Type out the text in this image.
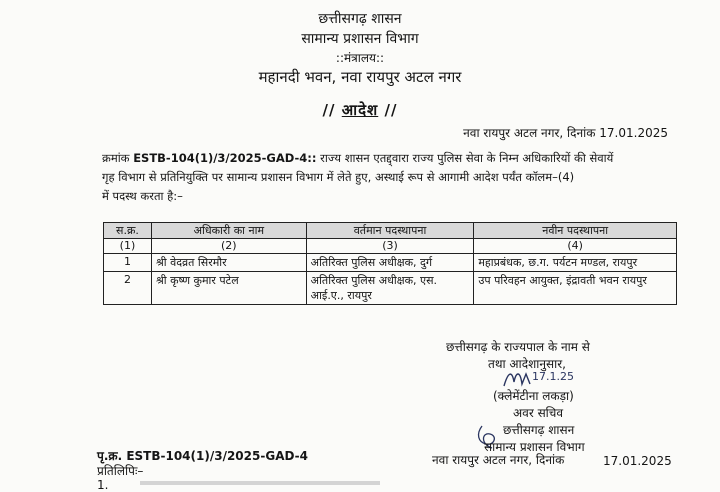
छत्तीसगढ़ शासन
सामान्य प्रशासन विभाग
::मंत्रालय::
महानदी भवन, नवा रायपुर अटल नगर
// आदेश //
नवा रायपुर अटल नगर, दिनांक 17.01.2025
क्रमांक ESTB-104(1)/3/2025-GAD-4:: राज्य शासन एतद्द्वारा राज्य पुलिस सेवा के निम्न अधिकारियों की सेवायें
गृह विभाग से प्रतिनियुक्ति पर सामान्य प्रशासन विभाग में लेते हुए, अस्थाई रूप से आगामी आदेश पर्यंत कॉलम–(4)
में पदस्थ करता है:–
स.क्र.	अधिकारी का नाम	वर्तमान पदस्थापना	नवीन पदस्थापना
(1)	(2)	(3)	(4)
1	श्री वेदव्रत सिरमौर	अतिरिक्त पुलिस अधीक्षक, दुर्ग	महाप्रबंधक, छ.ग. पर्यटन मण्डल, रायपुर
2	श्री कृष्ण कुमार पटेल	अतिरिक्त पुलिस अधीक्षक, एस. आई.ए., रायपुर	उप परिवहन आयुक्त, इंद्रावती भवन रायपुर
छत्तीसगढ़ के राज्यपाल के नाम से
तथा आदेशानुसार,
17.1.25
(क्लेमेंटीना लकड़ा)
अवर सचिव
छत्तीसगढ़ शासन
सामान्य प्रशासन विभाग
पृ.क्र. ESTB-104(1)/3/2025-GAD-4	नवा रायपुर अटल नगर, दिनांक	17.01.2025
प्रतिलिपिः–
1.
